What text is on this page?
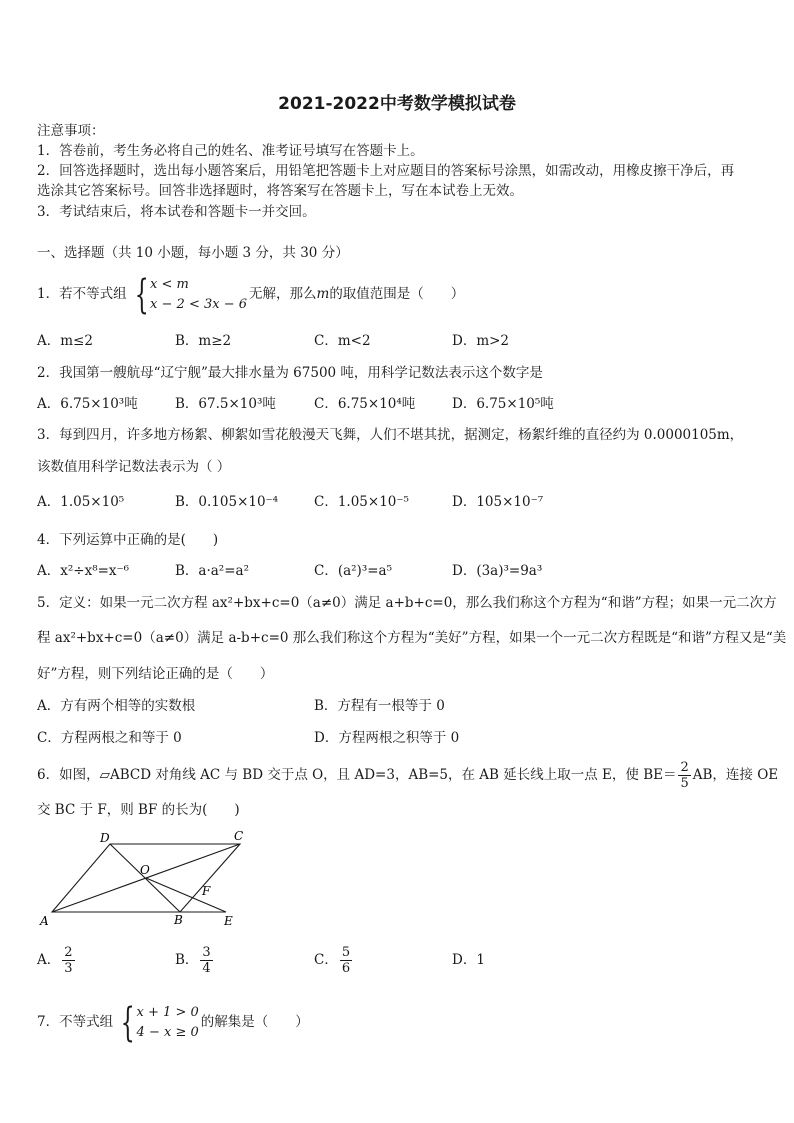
2021-2022中考数学模拟试卷
注意事项：
1．答卷前，考生务必将自己的姓名、准考证号填写在答题卡上。
2．回答选择题时，选出每小题答案后，用铅笔把答题卡上对应题目的答案标号涂黑，如需改动，用橡皮擦干净后，再
选涂其它答案标号。回答非选择题时，将答案写在答题卡上，写在本试卷上无效。
3．考试结束后，将本试卷和答题卡一并交回。
一、选择题（共 10 小题，每小题 3 分，共 30 分）
1．若不等式组 { x < m
x − 2 < 3x − 6
无解，那么m的取值范围是（　　）
A．m≤2	B．m≥2	C．m<2	D．m>2
2．我国第一艘航母“辽宁舰”最大排水量为 67500 吨，用科学记数法表示这个数字是
A．6.75×10³吨	B．67.5×10³吨	C．6.75×10⁴吨	D．6.75×10⁵吨
3．每到四月，许多地方杨絮、柳絮如雪花般漫天飞舞，人们不堪其扰，据测定，杨絮纤维的直径约为 0.0000105m，
该数值用科学记数法表示为（ ）
A．1.05×10⁵	B．0.105×10⁻⁴	C．1.05×10⁻⁵	D．105×10⁻⁷
4．下列运算中正确的是(　　)
A．x²÷x⁸=x⁻⁶	B．a·a²=a²	C．(a²)³=a⁵	D．(3a)³=9a³
5．定义：如果一元二次方程 ax²+bx+c=0（a≠0）满足 a+b+c=0，那么我们称这个方程为“和谐”方程；如果一元二次方
程 ax²+bx+c=0（a≠0）满足 a-b+c=0 那么我们称这个方程为“美好”方程，如果一个一元二次方程既是“和谐”方程又是“美
好”方程，则下列结论正确的是（　　）
A．方有两个相等的实数根	B．方程有一根等于 0
C．方程两根之和等于 0	D．方程两根之积等于 0
6．如图，▱ABCD 对角线 AC 与 BD 交于点 O，且 AD=3，AB=5，在 AB 延长线上取一点 E，使 $BE= \frac{2}{5}$ AB，连接 OE
交 BC 于 F，则 BF 的长为(　　)
A	B
C
D
E
F
O
A． $\frac{2}{3}$	B． $\frac{3}{4}$	C． $\frac{5}{6}$	D．1
7．不等式组 { x + 1 > 0
4 − x ≥ 0
的解集是（　　）
